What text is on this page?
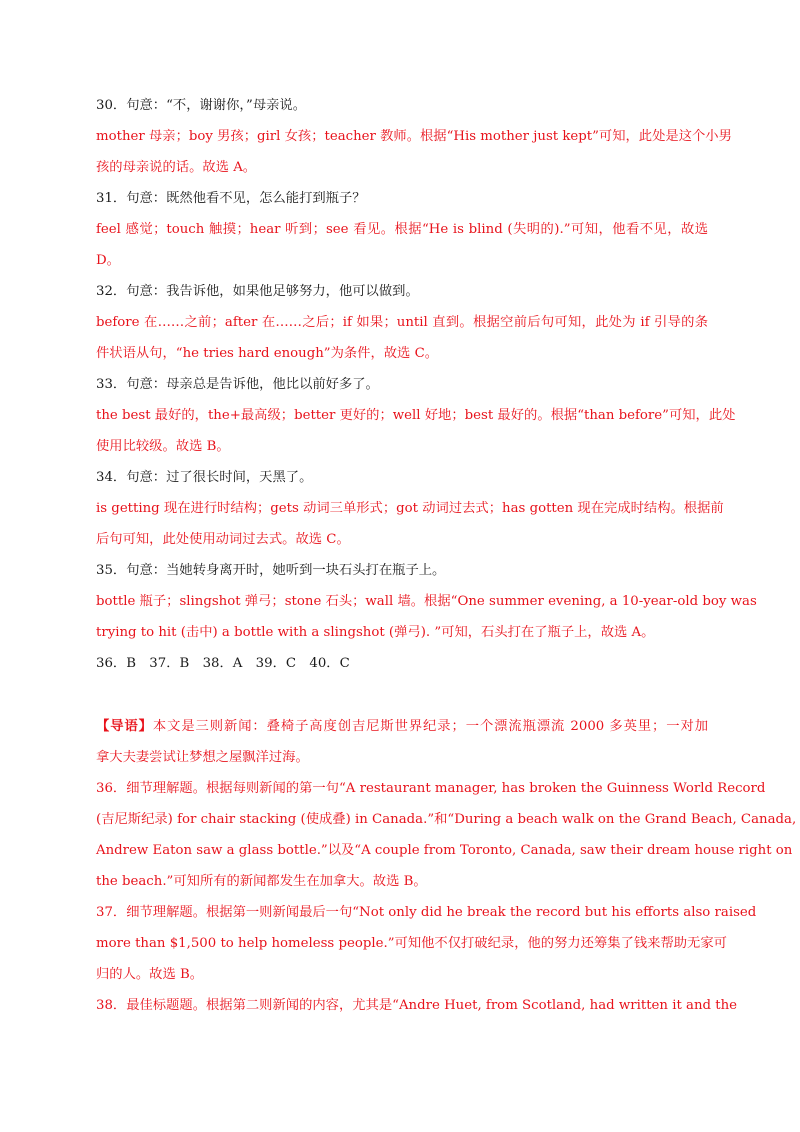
30．句意：“不，谢谢你，”母亲说。
mother 母亲；boy 男孩；girl 女孩；teacher 教师。根据“His mother just kept”可知，此处是这个小男
孩的母亲说的话。故选 A。
31．句意：既然他看不见，怎么能打到瓶子？
feel 感觉；touch 触摸；hear 听到；see 看见。根据“He is blind (失明的).”可知，他看不见，故选
D。
32．句意：我告诉他，如果他足够努力，他可以做到。
before 在……之前；after 在……之后；if 如果；until 直到。根据空前后句可知，此处为 if 引导的条
件状语从句，“he tries hard enough”为条件，故选 C。
33．句意：母亲总是告诉他，他比以前好多了。
the best 最好的，the+最高级；better 更好的；well 好地；best 最好的。根据“than before”可知，此处
使用比较级。故选 B。
34．句意：过了很长时间，天黑了。
is getting 现在进行时结构；gets 动词三单形式；got 动词过去式；has gotten 现在完成时结构。根据前
后句可知，此处使用动词过去式。故选 C。
35．句意：当她转身离开时，她听到一块石头打在瓶子上。
bottle 瓶子；slingshot 弹弓；stone 石头；wall 墙。根据“One summer evening, a 10-year-old boy was
trying to hit (击中) a bottle with a slingshot (弹弓). ”可知，石头打在了瓶子上，故选 A。
36．B　37．B　38．A　39．C　40．C
【导语】本文是三则新闻：叠椅子高度创吉尼斯世界纪录；一个漂流瓶漂流 2000 多英里；一对加
拿大夫妻尝试让梦想之屋飘洋过海。
36．细节理解题。根据每则新闻的第一句“A restaurant manager, has broken the Guinness World Record
(吉尼斯纪录) for chair stacking (使成叠) in Canada.”和“During a beach walk on the Grand Beach, Canada,
Andrew Eaton saw a glass bottle.”以及“A couple from Toronto, Canada, saw their dream house right on
the beach.”可知所有的新闻都发生在加拿大。故选 B。
37．细节理解题。根据第一则新闻最后一句“Not only did he break the record but his efforts also raised
more than $1,500 to help homeless people.”可知他不仅打破纪录，他的努力还筹集了钱来帮助无家可
归的人。故选 B。
38．最佳标题题。根据第二则新闻的内容，尤其是“Andre Huet, from Scotland, had written it and the
